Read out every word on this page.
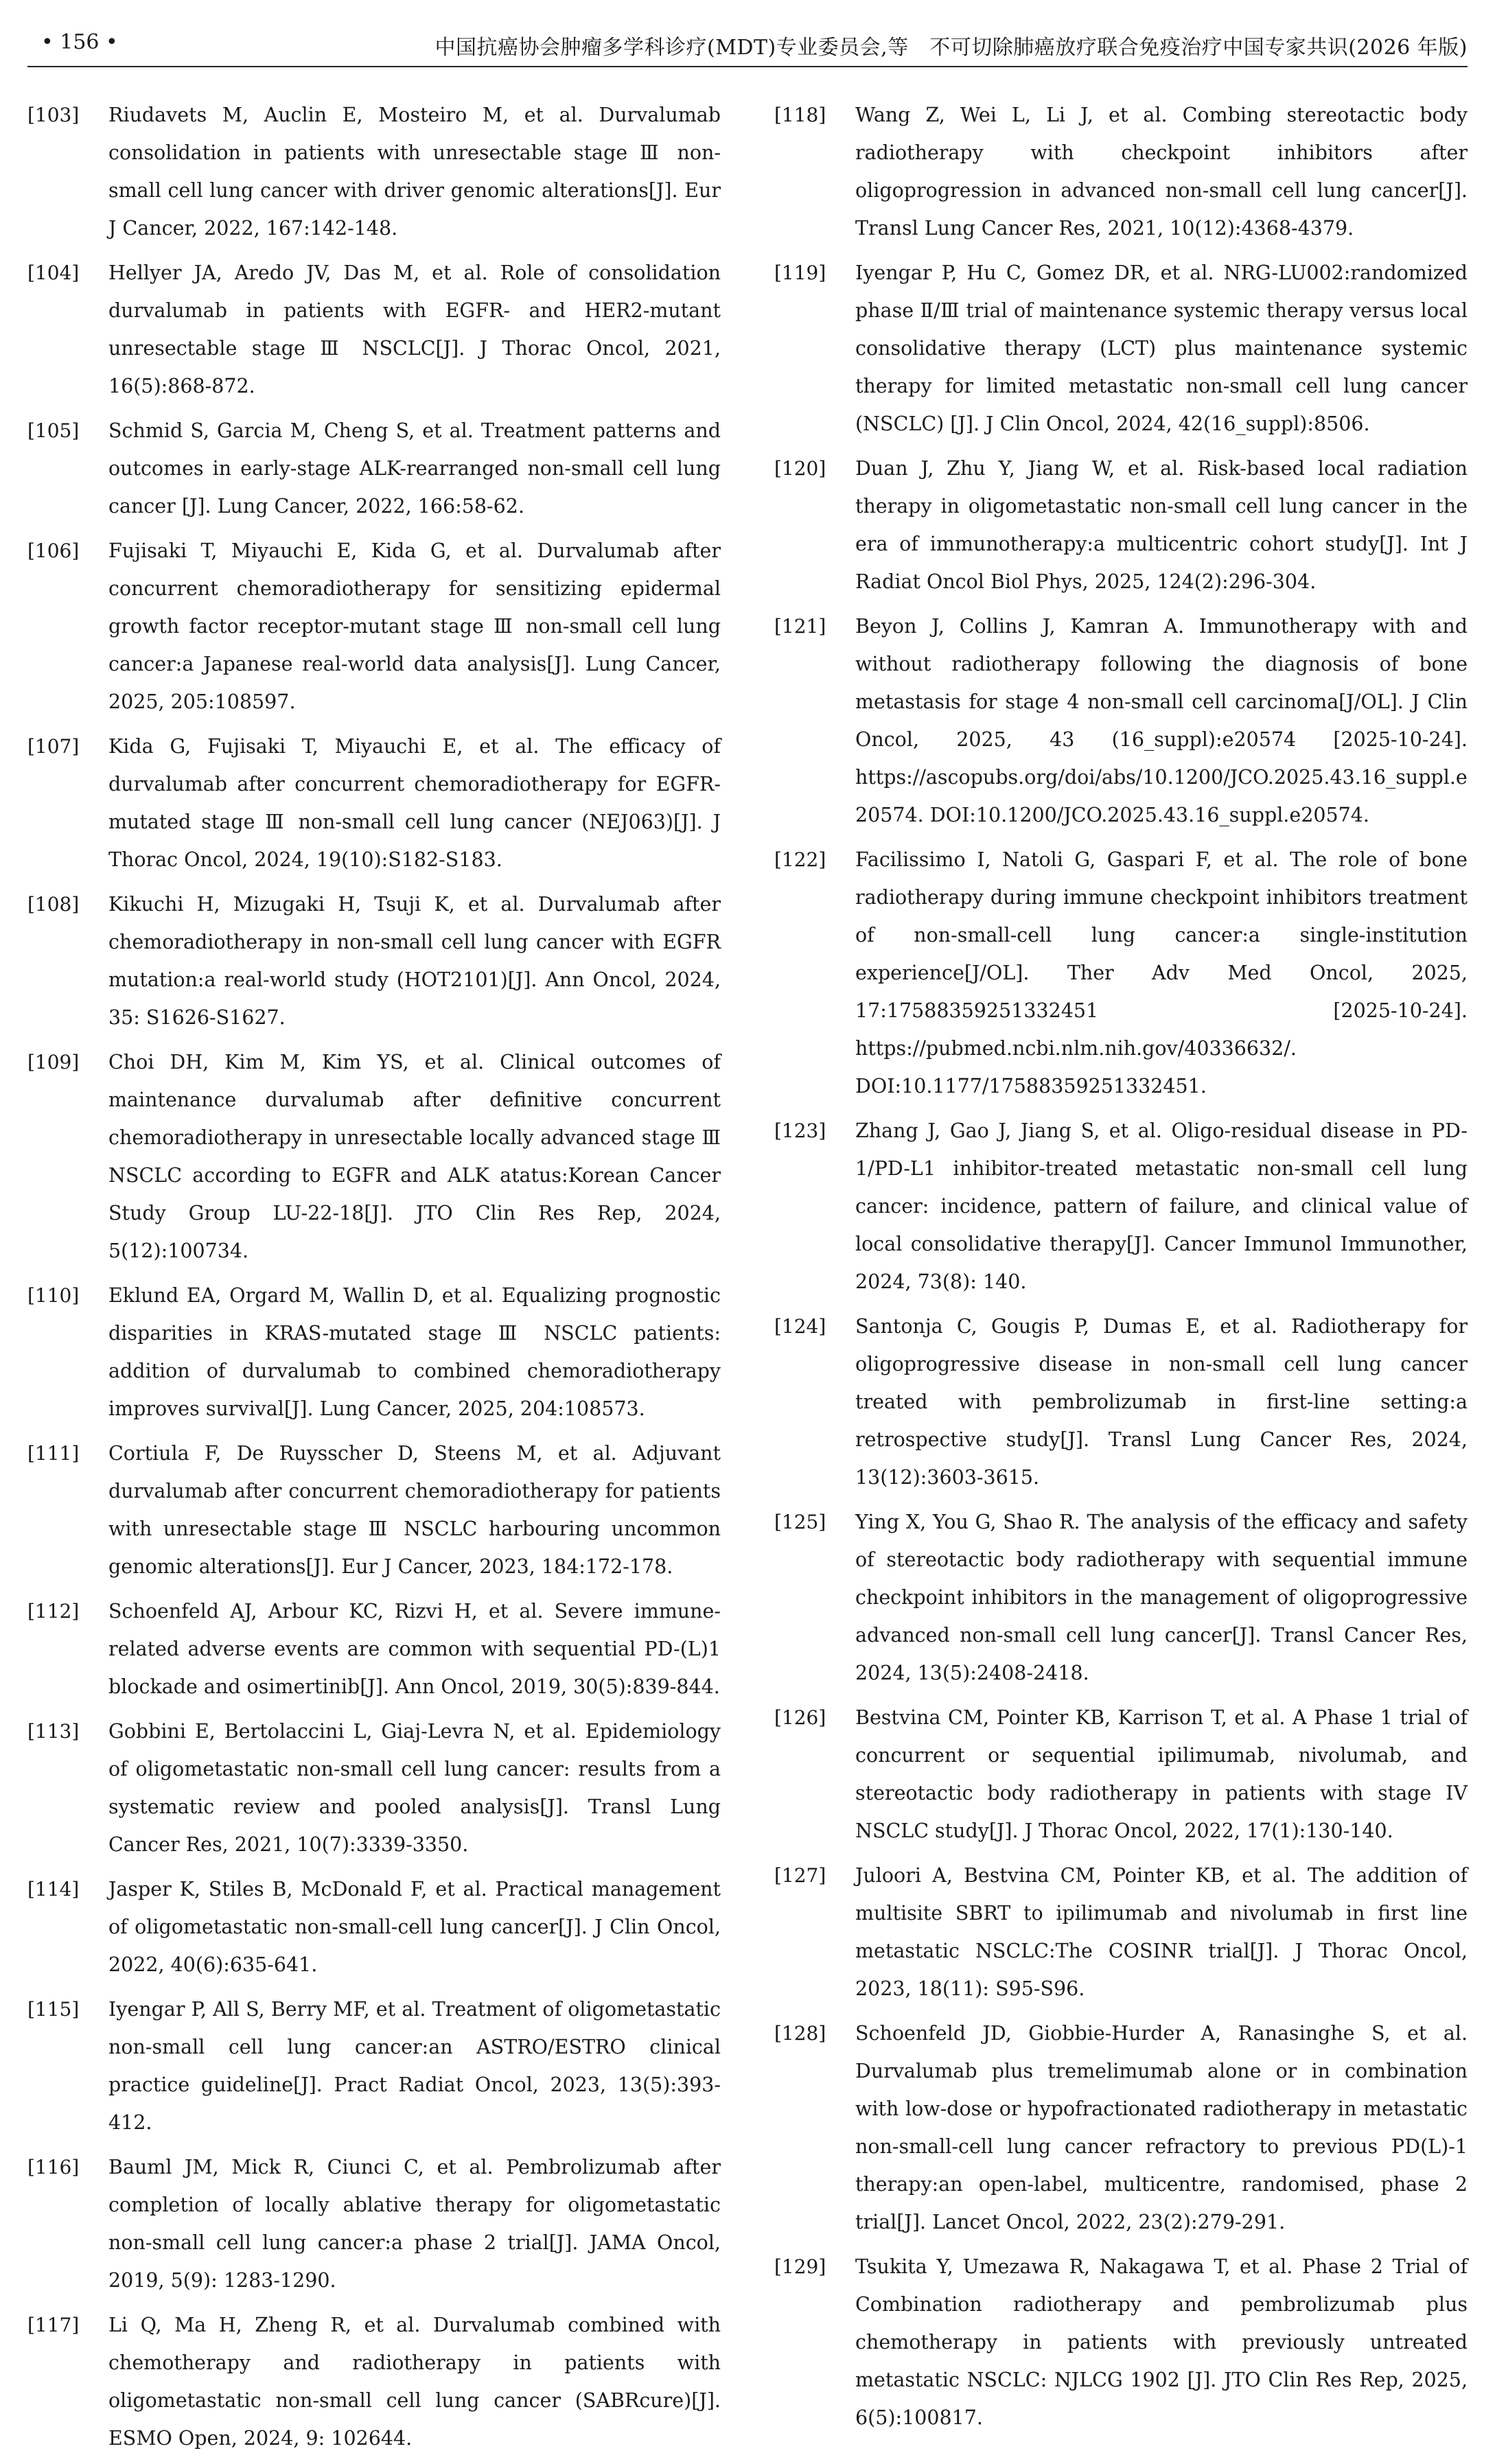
• 156 •	中国抗癌协会肿瘤多学科诊疗(MDT)专业委员会,等　不可切除肺癌放疗联合免疫治疗中国专家共识(2026 年版)
[103] Riudavets M, Auclin E, Mosteiro M, et al. Durvalumab consolidation in patients with unresectable stage Ⅲ non-small cell lung cancer with driver genomic alterations[J]. Eur J Cancer, 2022, 167:142-148.
[104] Hellyer JA, Aredo JV, Das M, et al. Role of consolidation durvalumab in patients with EGFR- and HER2-mutant unresectable stage Ⅲ NSCLC[J]. J Thorac Oncol, 2021, 16(5):868-872.
[105] Schmid S, Garcia M, Cheng S, et al. Treatment patterns and outcomes in early-stage ALK-rearranged non-small cell lung cancer [J]. Lung Cancer, 2022, 166:58-62.
[106] Fujisaki T, Miyauchi E, Kida G, et al. Durvalumab after concurrent chemoradiotherapy for sensitizing epidermal growth factor receptor-mutant stage Ⅲ non-small cell lung cancer:a Japanese real-world data analysis[J]. Lung Cancer, 2025, 205:108597.
[107] Kida G, Fujisaki T, Miyauchi E, et al. The efficacy of durvalumab after concurrent chemoradiotherapy for EGFR-mutated stage Ⅲ non-small cell lung cancer (NEJ063)[J]. J Thorac Oncol, 2024, 19(10):S182-S183.
[108] Kikuchi H, Mizugaki H, Tsuji K, et al. Durvalumab after chemoradiotherapy in non-small cell lung cancer with EGFR mutation:a real-world study (HOT2101)[J]. Ann Oncol, 2024, 35: S1626-S1627.
[109] Choi DH, Kim M, Kim YS, et al. Clinical outcomes of maintenance durvalumab after definitive concurrent chemoradiotherapy in unresectable locally advanced stage Ⅲ NSCLC according to EGFR and ALK atatus:Korean Cancer Study Group LU-22-18[J]. JTO Clin Res Rep, 2024, 5(12):100734.
[110] Eklund EA, Orgard M, Wallin D, et al. Equalizing prognostic disparities in KRAS-mutated stage Ⅲ NSCLC patients: addition of durvalumab to combined chemoradiotherapy improves survival[J]. Lung Cancer, 2025, 204:108573.
[111] Cortiula F, De Ruysscher D, Steens M, et al. Adjuvant durvalumab after concurrent chemoradiotherapy for patients with unresectable stage Ⅲ NSCLC harbouring uncommon genomic alterations[J]. Eur J Cancer, 2023, 184:172-178.
[112] Schoenfeld AJ, Arbour KC, Rizvi H, et al. Severe immune-related adverse events are common with sequential PD-(L)1 blockade and osimertinib[J]. Ann Oncol, 2019, 30(5):839-844.
[113] Gobbini E, Bertolaccini L, Giaj-Levra N, et al. Epidemiology of oligometastatic non-small cell lung cancer: results from a systematic review and pooled analysis[J]. Transl Lung Cancer Res, 2021, 10(7):3339-3350.
[114] Jasper K, Stiles B, McDonald F, et al. Practical management of oligometastatic non-small-cell lung cancer[J]. J Clin Oncol, 2022, 40(6):635-641.
[115] Iyengar P, All S, Berry MF, et al. Treatment of oligometastatic non-small cell lung cancer:an ASTRO/ESTRO clinical practice guideline[J]. Pract Radiat Oncol, 2023, 13(5):393-412.
[116] Bauml JM, Mick R, Ciunci C, et al. Pembrolizumab after completion of locally ablative therapy for oligometastatic non-small cell lung cancer:a phase 2 trial[J]. JAMA Oncol, 2019, 5(9): 1283-1290.
[117] Li Q, Ma H, Zheng R, et al. Durvalumab combined with chemotherapy and radiotherapy in patients with oligometastatic non-small cell lung cancer (SABRcure)[J]. ESMO Open, 2024, 9: 102644.
[118] Wang Z, Wei L, Li J, et al. Combing stereotactic body radiotherapy with checkpoint inhibitors after oligoprogression in advanced non-small cell lung cancer[J]. Transl Lung Cancer Res, 2021, 10(12):4368-4379.
[119] Iyengar P, Hu C, Gomez DR, et al. NRG-LU002:randomized phase Ⅱ/Ⅲ trial of maintenance systemic therapy versus local consolidative therapy (LCT) plus maintenance systemic therapy for limited metastatic non-small cell lung cancer (NSCLC) [J]. J Clin Oncol, 2024, 42(16_suppl):8506.
[120] Duan J, Zhu Y, Jiang W, et al. Risk-based local radiation therapy in oligometastatic non-small cell lung cancer in the era of immunotherapy:a multicentric cohort study[J]. Int J Radiat Oncol Biol Phys, 2025, 124(2):296-304.
[121] Beyon J, Collins J, Kamran A. Immunotherapy with and without radiotherapy following the diagnosis of bone metastasis for stage 4 non-small cell carcinoma[J/OL]. J Clin Oncol, 2025, 43 (16_suppl):e20574 [2025-10-24]. https://ascopubs.org/doi/abs/10.1200/JCO.2025.43.16_suppl.e20574. DOI:10.1200/JCO.2025.43.16_suppl.e20574.
[122] Facilissimo I, Natoli G, Gaspari F, et al. The role of bone radiotherapy during immune checkpoint inhibitors treatment of non-small-cell lung cancer:a single-institution experience[J/OL]. Ther Adv Med Oncol, 2025, 17:17588359251332451 [2025-10-24]. https://pubmed.ncbi.nlm.nih.gov/40336632/. DOI:10.1177/17588359251332451.
[123] Zhang J, Gao J, Jiang S, et al. Oligo-residual disease in PD-1/PD-L1 inhibitor-treated metastatic non-small cell lung cancer: incidence, pattern of failure, and clinical value of local consolidative therapy[J]. Cancer Immunol Immunother, 2024, 73(8): 140.
[124] Santonja C, Gougis P, Dumas E, et al. Radiotherapy for oligoprogressive disease in non-small cell lung cancer treated with pembrolizumab in first-line setting:a retrospective study[J]. Transl Lung Cancer Res, 2024, 13(12):3603-3615.
[125] Ying X, You G, Shao R. The analysis of the efficacy and safety of stereotactic body radiotherapy with sequential immune checkpoint inhibitors in the management of oligoprogressive advanced non-small cell lung cancer[J]. Transl Cancer Res, 2024, 13(5):2408-2418.
[126] Bestvina CM, Pointer KB, Karrison T, et al. A Phase 1 trial of concurrent or sequential ipilimumab, nivolumab, and stereotactic body radiotherapy in patients with stage IV NSCLC study[J]. J Thorac Oncol, 2022, 17(1):130-140.
[127] Juloori A, Bestvina CM, Pointer KB, et al. The addition of multisite SBRT to ipilimumab and nivolumab in first line metastatic NSCLC:The COSINR trial[J]. J Thorac Oncol, 2023, 18(11): S95-S96.
[128] Schoenfeld JD, Giobbie-Hurder A, Ranasinghe S, et al. Durvalumab plus tremelimumab alone or in combination with low-dose or hypofractionated radiotherapy in metastatic non-small-cell lung cancer refractory to previous PD(L)-1 therapy:an open-label, multicentre, randomised, phase 2 trial[J]. Lancet Oncol, 2022, 23(2):279-291.
[129] Tsukita Y, Umezawa R, Nakagawa T, et al. Phase 2 Trial of Combination radiotherapy and pembrolizumab plus chemotherapy in patients with previously untreated metastatic NSCLC: NJLCG 1902 [J]. JTO Clin Res Rep, 2025, 6(5):100817.
